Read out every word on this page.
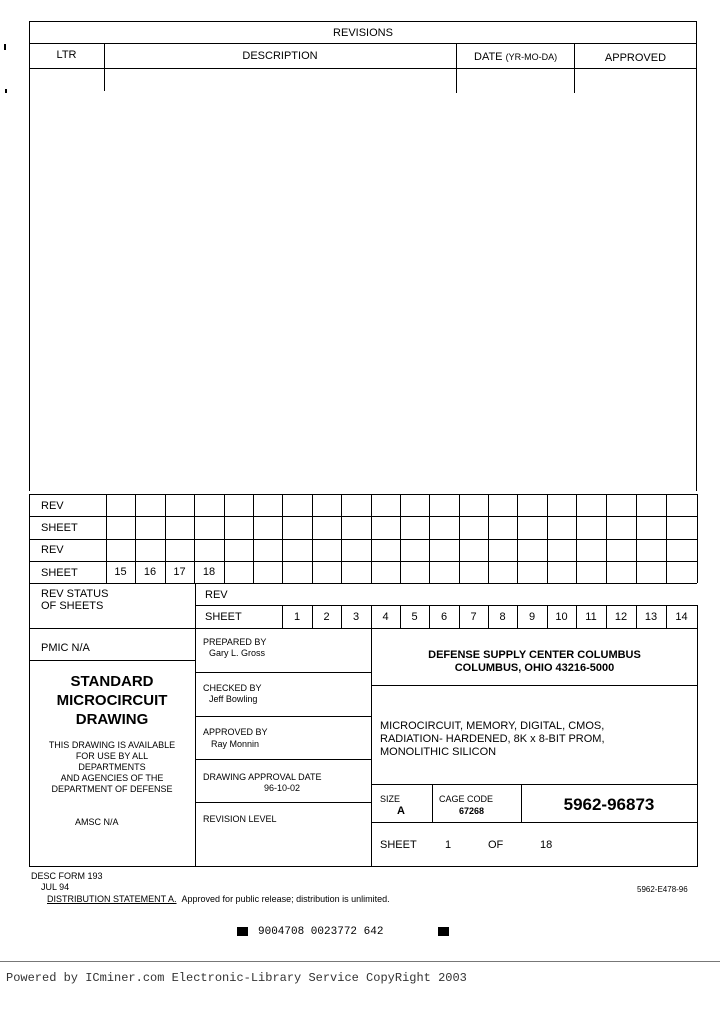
REVISIONS
LTR	DESCRIPTION	DATE (YR-MO-DA)	APPROVED
REV
SHEET
REV
SHEET	15	16	17	18
REV STATUS
OF SHEETS
REV
SHEET	1	2	3	4	5	6	7	8	9	10	11	12	13	14
PMIC N/A
STANDARD
MICROCIRCUIT
DRAWING
THIS DRAWING IS AVAILABLE
FOR USE BY ALL
DEPARTMENTS
AND AGENCIES OF THE
DEPARTMENT OF DEFENSE
AMSC N/A
PREPARED BY
Gary L. Gross
CHECKED BY
Jeff Bowling
APPROVED BY
Ray Monnin
DRAWING APPROVAL DATE
96-10-02
REVISION LEVEL
DEFENSE SUPPLY CENTER COLUMBUS
COLUMBUS, OHIO 43216-5000
MICROCIRCUIT, MEMORY, DIGITAL, CMOS,
RADIATION- HARDENED, 8K x 8-BIT PROM,
MONOLITHIC SILICON
SIZE
A
CAGE CODE
67268	5962-96873
SHEET	1	OF	18
DESC FORM 193
JUL 94
DISTRIBUTION STATEMENT A. Approved for public release; distribution is unlimited.
5962-E478-96
9004708 0023772 642
Powered by ICminer.com Electronic-Library Service CopyRight 2003
